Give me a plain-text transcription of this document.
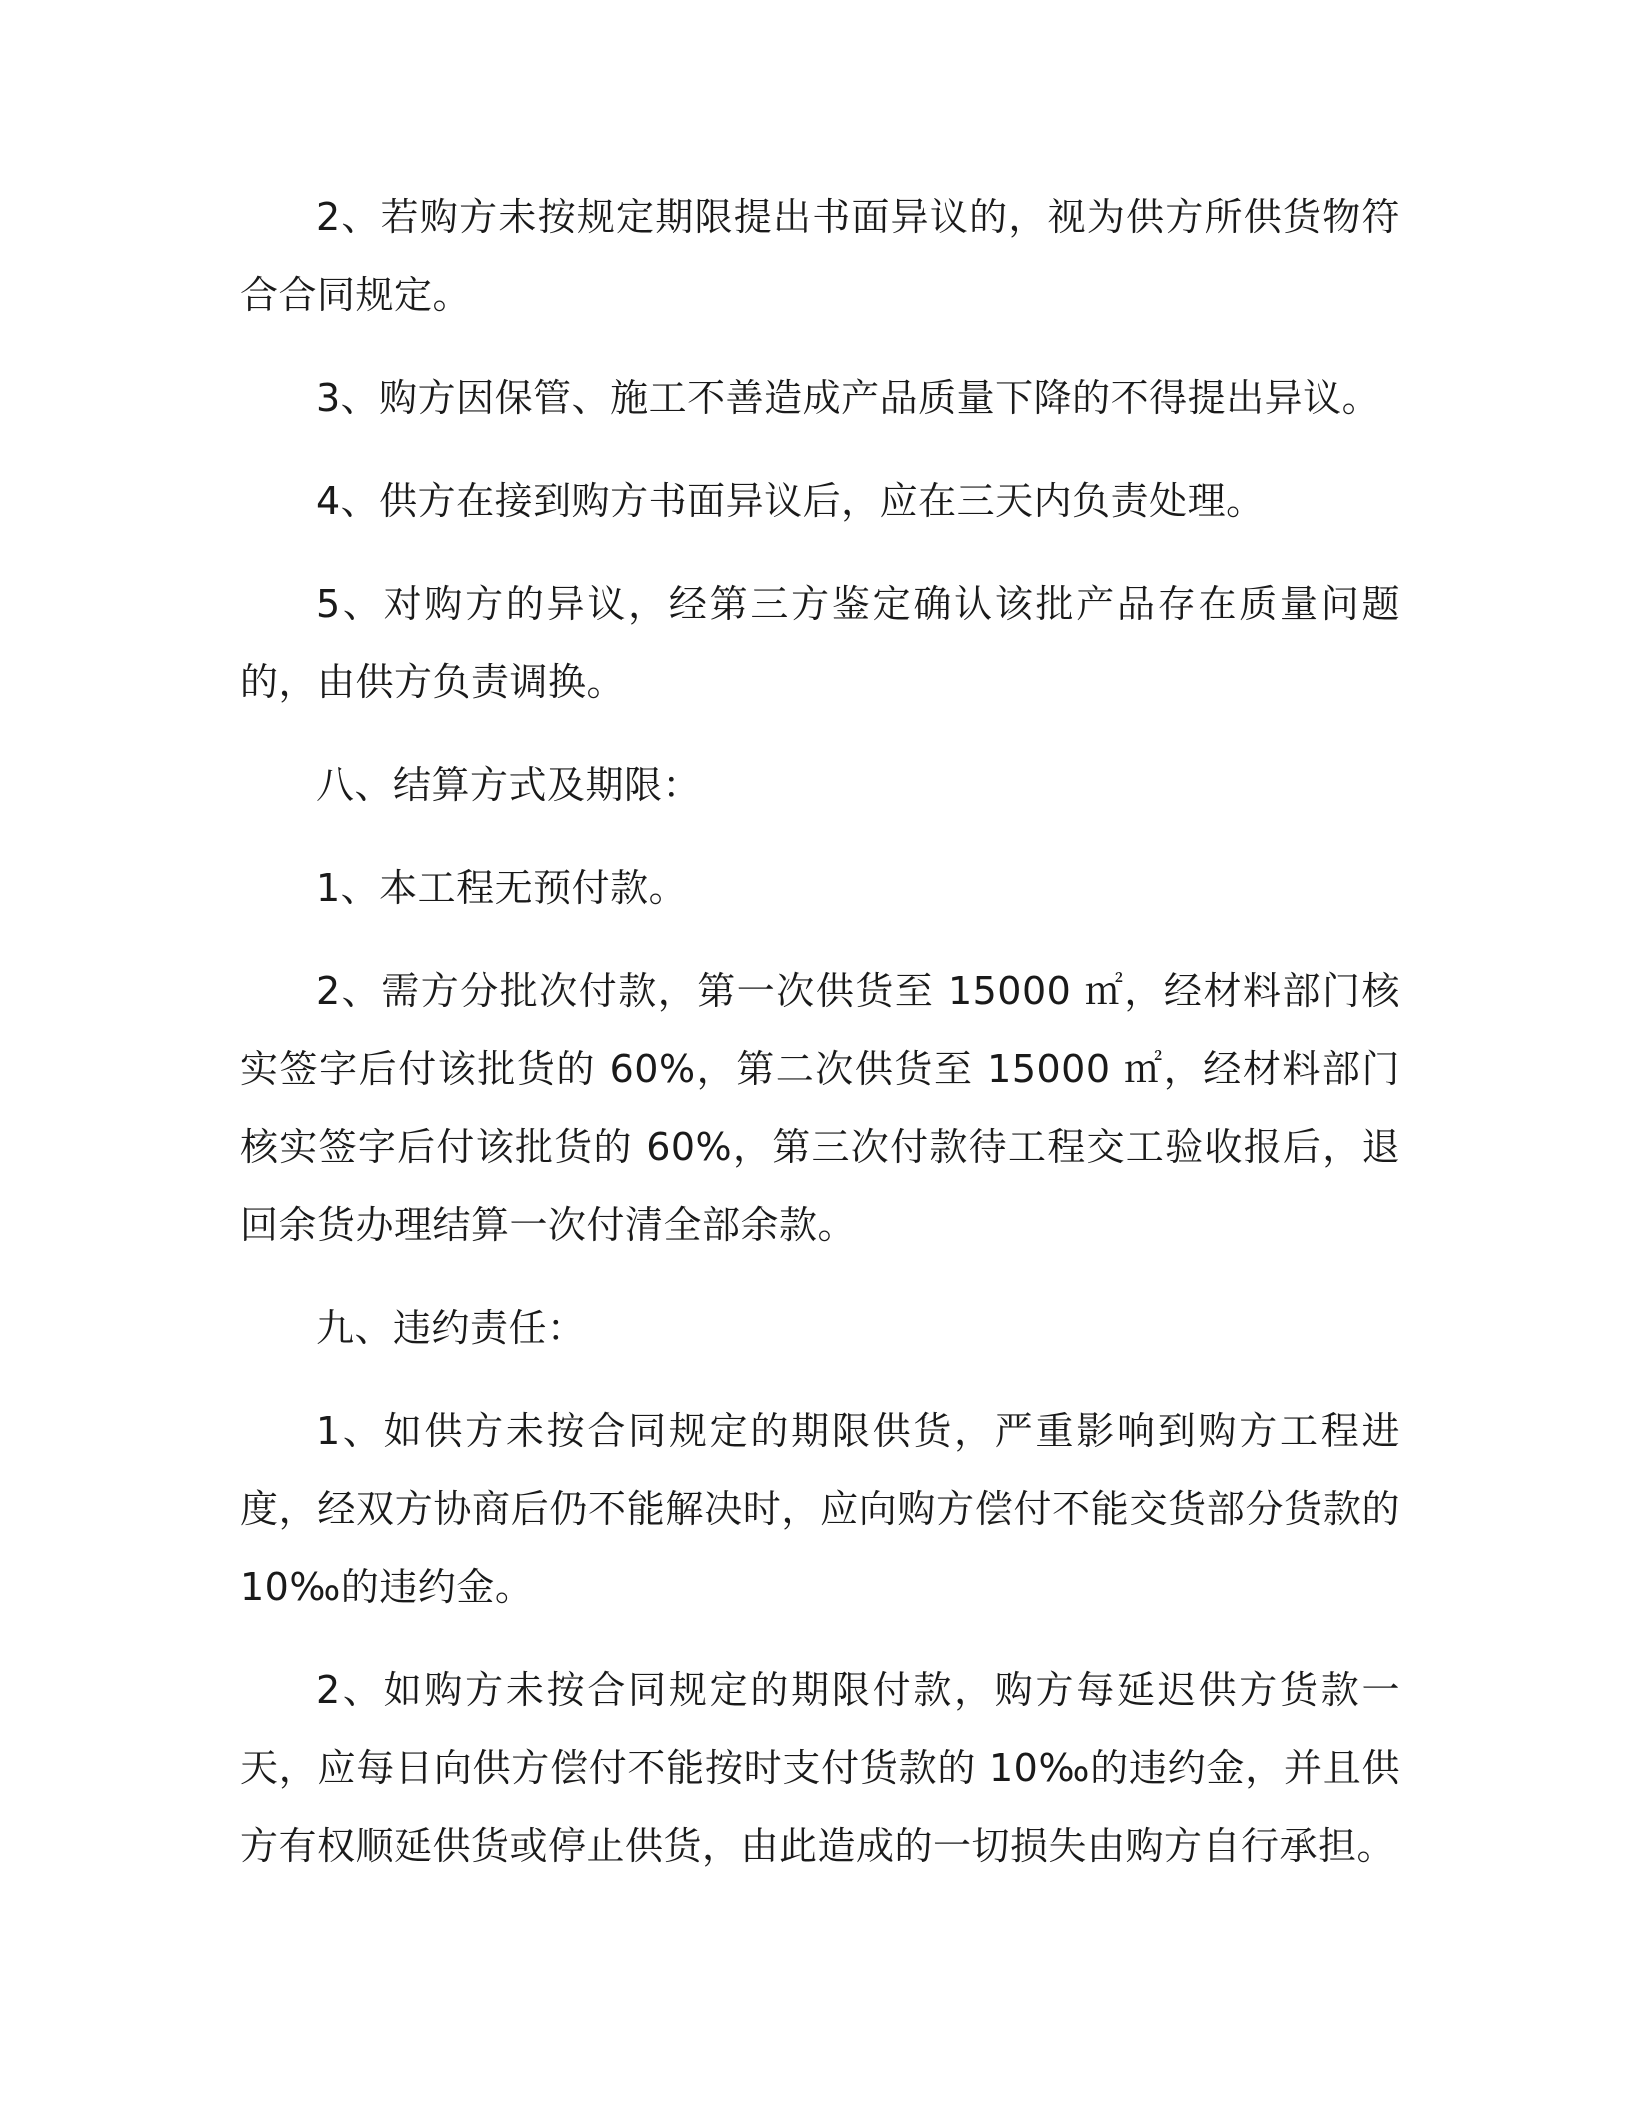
2、若购方未按规定期限提出书面异议的，视为供方所供货物符合合同规定。

3、购方因保管、施工不善造成产品质量下降的不得提出异议。

4、供方在接到购方书面异议后，应在三天内负责处理。

5、对购方的异议，经第三方鉴定确认该批产品存在质量问题的，由供方负责调换。

八、结算方式及期限：

1、本工程无预付款。

2、需方分批次付款，第一次供货至 15000 ㎡，经材料部门核实签字后付该批货的 60%，第二次供货至 15000 ㎡，经材料部门核实签字后付该批货的 60%，第三次付款待工程交工验收报后，退回余货办理结算一次付清全部余款。

九、违约责任：

1、如供方未按合同规定的期限供货，严重影响到购方工程进度，经双方协商后仍不能解决时，应向购方偿付不能交货部分货款的 10‰的违约金。

2、如购方未按合同规定的期限付款，购方每延迟供方货款一天，应每日向供方偿付不能按时支付货款的 10‰的违约金，并且供方有权顺延供货或停止供货，由此造成的一切损失由购方自行承担。
